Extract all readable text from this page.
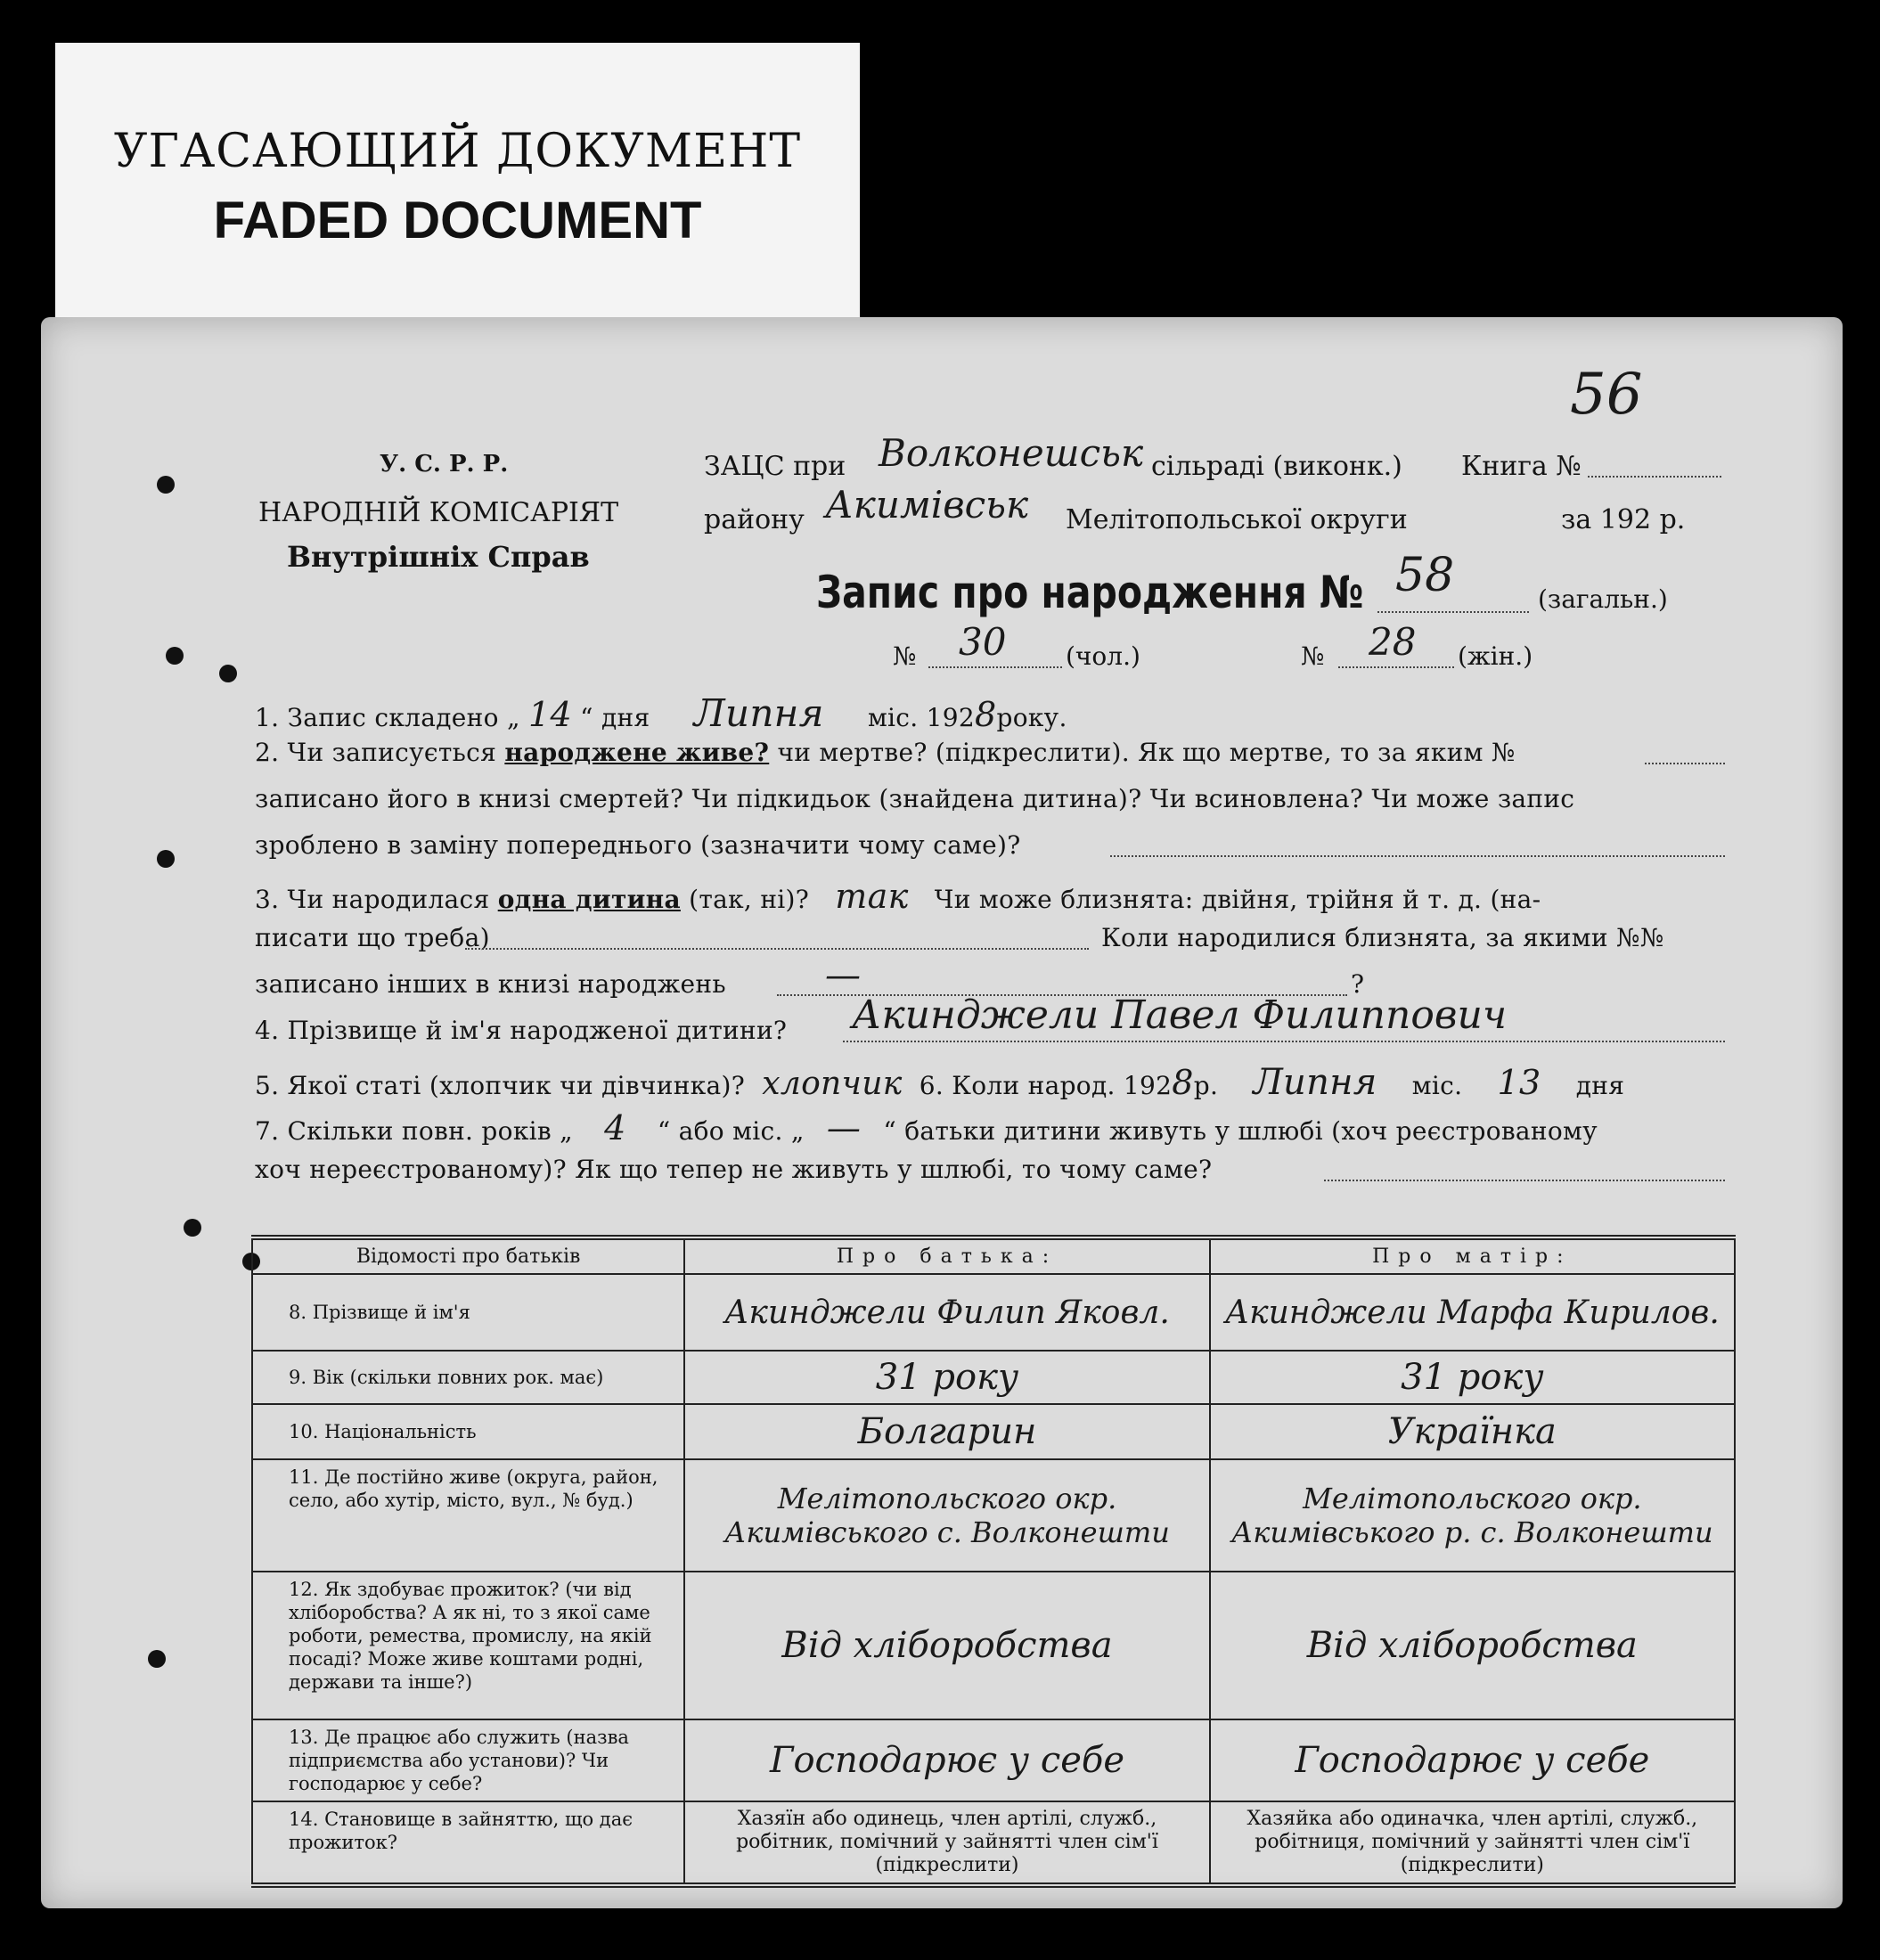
УГАСАЮЩИЙ ДОКУМЕНТ
FADED DOCUMENT
56
У. С. Р. Р.
НАРОДНІЙ КОМІСАРІЯТ
Внутрішніх Справ
ЗАЦС при Волконешськ сільраді (виконк.) Книга №
району Акимівськ Мелітопольської округи	за 192 р.
Запис про народження № 58	(загальн.)
№ 30 (чол.)	№ 28 (жін.)
1. Запис складено „ 14 “ дня Липня міс. 1928року.
2. Чи записується народжене живе? чи мертве? (підкреслити). Як що мертве, то за яким №
записано його в книзі смертей? Чи підкидьок (знайдена дитина)? Чи всиновлена? Чи може запис
зроблено в заміну попереднього (зазначити чому саме)?
3. Чи народилася одна дитина (так, ні)? так Чи може близнята: двійня, трійня й т. д. (на-
писати що треба)	Коли народилися близнята, за якими №№
записано інших в книзі народжень	—	?
4. Прізвище й ім'я народженої дитини? Акинджели Павел Филиппович
5. Якої статі (хлопчик чи дівчинка)? хлопчик 6. Коли народ. 1928р. Липня міс. 13 дня
7. Скільки повн. років „ 4 “ або міс. „ — “ батьки дитини живуть у шлюбі (хоч реєстрованому
хоч нереєстрованому)? Як що тепер не живуть у шлюбі, то чому саме?
Відомості про батьків	Про батька:	Про матір:
8. Прізвище й ім'я	Акинджели Филип Яковл.	Акинджели Марфа Кирилов.
9. Вік (скільки повних рок. має)	31 року	31 року
10. Національність	Болгарин	Українка
11. Де постійно живе (округа, район, село, або хутір, місто, вул., № буд.)	Мелітопольского окр. Акимівського с. Волконешти	Мелітопольского окр. Акимівського р. с. Волконешти
12. Як здобуває прожиток? (чи від хліборобства? А як ні, то з якої саме роботи, ремества, промислу, на якій посаді? Може живе коштами родні, держави та інше?)	Від хліборобства	Від хліборобства
13. Де працює або служить (назва підприємства або установи)? Чи господарює у себе?	Господарює у себе	Господарює у себе
14. Становище в зайняттю, що дає прожиток?	Хазяїн або одинець, член артілі, служб., робітник, помічний у зайнятті член сім'ї (підкреслити)	Хазяйка або одиначка, член артілі, служб., робітниця, помічний у зайнятті член сім'ї (підкреслити)
